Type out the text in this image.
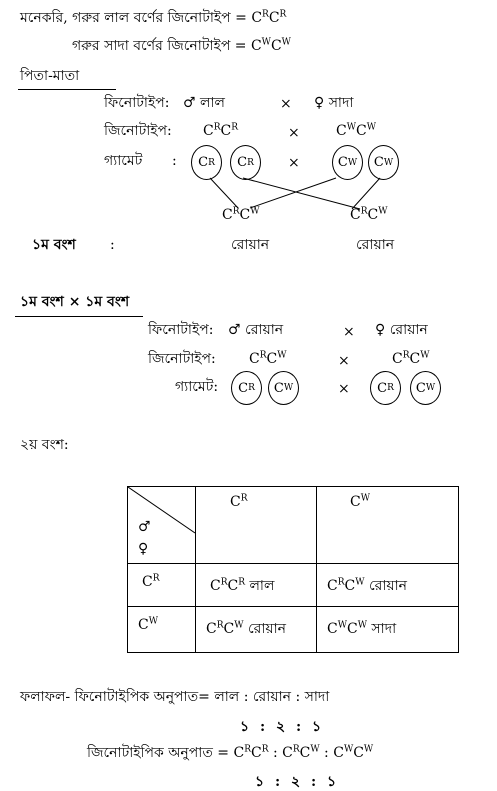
মনেকরি, গরুর লাল বর্ণের জিনোটাইপ = $C^RC^R$
গরুর সাদা বর্ণের জিনোটাইপ = $C^WC^W$
পিতা-মাতা
ফিনোটাইপ: ♂ লাল	× ♀ সাদা
জিনোটাইপ: $C^RC^R$	×	$C^WC^W$
গ্যামেট : C R C R ×	C W C W
$C^RC^W$	$C^RC^W$
১ম বংশ :	রোয়ান	রোয়ান
১ম বংশ × ১ম বংশ
ফিনোটাইপ: ♂ রোয়ান	× ♀ রোয়ান
জিনোটাইপ: $C^RC^W$	×	$C^RC^W$
গ্যামেট: C R C W	× C R C W
২য় বংশ:
♂
♀	$C^R$	$C^W$

$C^R$	$C^RC^R$ লাল	$C^RC^W$ রোয়ান

$C^W$	$C^RC^W$ রোয়ান	$C^WC^W$ সাদা
ফলাফল- ফিনোটাইপিক অনুপাত= লাল : রোয়ান : সাদা
১ : ২ : ১
জিনোটাইপিক অনুপাত = $C^RC^R$ : $C^RC^W$ : $C^WC^W$
১ : ২ : ১
